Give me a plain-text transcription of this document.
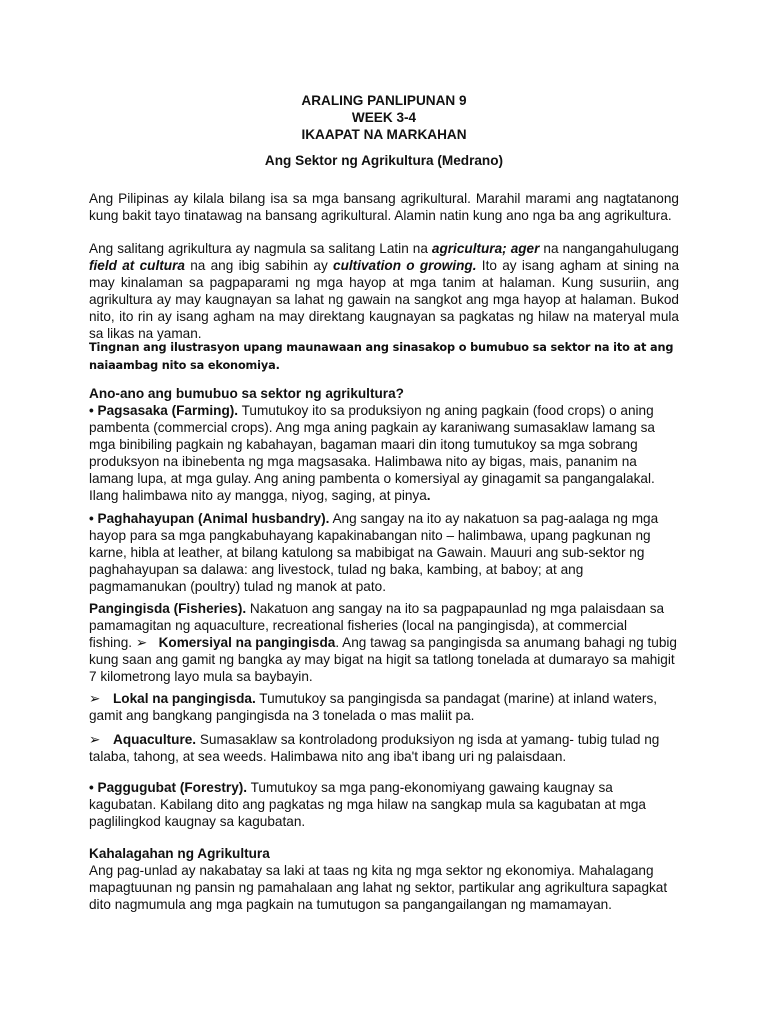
ARALING PANLIPUNAN 9
WEEK 3-4
IKAAPAT NA MARKAHAN
Ang Sektor ng Agrikultura (Medrano)

Ang Pilipinas ay kilala bilang isa sa mga bansang agrikultural. Marahil marami ang nagtatanong kung bakit tayo tinatawag na bansang agrikultural. Alamin natin kung ano nga ba ang agrikultura.

Ang salitang agrikultura ay nagmula sa salitang Latin na agricultura; ager na nangangahulugang field at cultura na ang ibig sabihin ay cultivation o growing. Ito ay isang agham at sining na may kinalaman sa pagpaparami ng mga hayop at mga tanim at halaman. Kung susuriin, ang agrikultura ay may kaugnayan sa lahat ng gawain na sangkot ang mga hayop at halaman. Bukod nito, ito rin ay isang agham na may direktang kaugnayan sa pagkatas ng hilaw na materyal mula sa likas na yaman.

Tingnan ang ilustrasyon upang maunawaan ang sinasakop o bumubuo sa sektor na ito at ang naiaambag nito sa ekonomiya.

Ano-ano ang bumubuo sa sektor ng agrikultura?

• Pagsasaka (Farming). Tumutukoy ito sa produksiyon ng aning pagkain (food crops) o aning pambenta (commercial crops). Ang mga aning pagkain ay karaniwang sumasaklaw lamang sa mga binibiling pagkain ng kabahayan, bagaman maari din itong tumutukoy sa mga sobrang produksyon na ibinebenta ng mga magsasaka. Halimbawa nito ay bigas, mais, pananim na lamang lupa, at mga gulay. Ang aning pambenta o komersiyal ay ginagamit sa pangangalakal. Ilang halimbawa nito ay mangga, niyog, saging, at pinya.

• Paghahayupan (Animal husbandry). Ang sangay na ito ay nakatuon sa pag-aalaga ng mga hayop para sa mga pangkabuhayang kapakinabangan nito – halimbawa, upang pagkunan ng karne, hibla at leather, at bilang katulong sa mabibigat na Gawain. Mauuri ang sub-sektor ng paghahayupan sa dalawa: ang livestock, tulad ng baka, kambing, at baboy; at ang pagmamanukan (poultry) tulad ng manok at pato.

Pangingisda (Fisheries). Nakatuon ang sangay na ito sa pagpapaunlad ng mga palaisdaan sa pamamagitan ng aquaculture, recreational fisheries (local na pangingisda), at commercial fishing. ➢ Komersiyal na pangingisda. Ang tawag sa pangingisda sa anumang bahagi ng tubig kung saan ang gamit ng bangka ay may bigat na higit sa tatlong tonelada at dumarayo sa mahigit 7 kilometrong layo mula sa baybayin.

➢ Lokal na pangingisda. Tumutukoy sa pangingisda sa pandagat (marine) at inland waters, gamit ang bangkang pangingisda na 3 tonelada o mas maliit pa.

➢ Aquaculture. Sumasaklaw sa kontroladong produksiyon ng isda at yamang- tubig tulad ng talaba, tahong, at sea weeds. Halimbawa nito ang iba't ibang uri ng palaisdaan.

• Paggugubat (Forestry). Tumutukoy sa mga pang-ekonomiyang gawaing kaugnay sa kagubatan. Kabilang dito ang pagkatas ng mga hilaw na sangkap mula sa kagubatan at mga paglilingkod kaugnay sa kagubatan.

Kahalagahan ng Agrikultura

Ang pag-unlad ay nakabatay sa laki at taas ng kita ng mga sektor ng ekonomiya. Mahalagang mapagtuunan ng pansin ng pamahalaan ang lahat ng sektor, partikular ang agrikultura sapagkat dito nagmumula ang mga pagkain na tumutugon sa pangangailangan ng mamamayan.
